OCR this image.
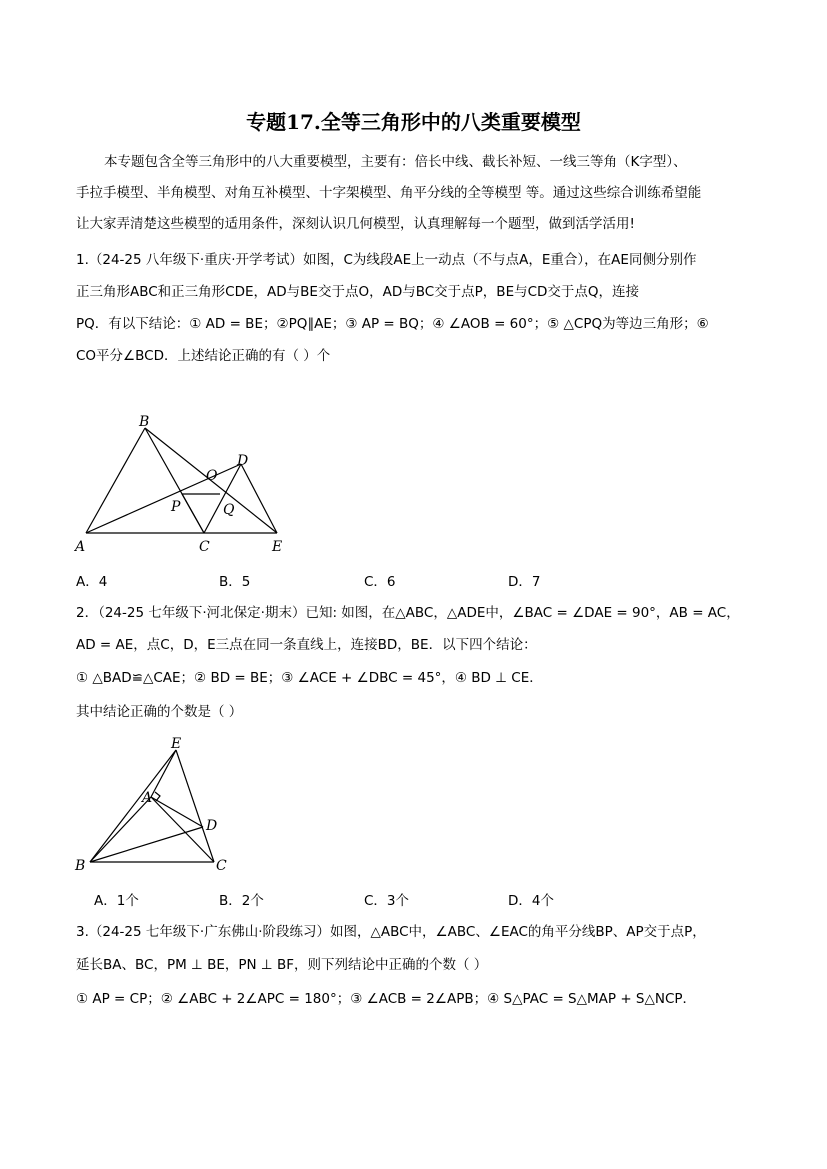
专题17.全等三角形中的八类重要模型
本专题包含全等三角形中的八大重要模型，主要有：倍长中线、截长补短、一线三等角（K字型）、
手拉手模型、半角模型、对角互补模型、十字架模型、角平分线的全等模型 等。通过这些综合训练希望能
让大家弄清楚这些模型的适用条件，深刻认识几何模型，认真理解每一个题型，做到活学活用!
1.（24-25 八年级下·重庆·开学考试）如图，C为线段AE上一动点（不与点A，E重合），在AE同侧分别作
正三角形ABC和正三角形CDE，AD与BE交于点O，AD与BC交于点P，BE与CD交于点Q，连接
PQ．有以下结论：① AD = BE；②PQ∥AE；③ AP = BQ；④ ∠AOB = 60°；⑤ △CPQ为等边三角形；⑥
CO平分∠BCD．上述结论正确的有（ ）个
B
O
D
P	Q
A	C	E
A．4	B．5	C．6	D．7
2．（24-25 七年级下·河北保定·期末）已知: 如图，在△ABC，△ADE中，∠BAC = ∠DAE = 90°，AB = AC，
AD = AE，点C，D，E三点在同一条直线上，连接BD，BE．以下四个结论：
① △BAD≌△CAE；② BD = BE；③ ∠ACE + ∠DBC = 45°，④ BD ⊥ CE．
其中结论正确的个数是（ ）
E
A
D
B	C
A．1个	B．2个	C．3个	D．4个
3.（24-25 七年级下·广东佛山·阶段练习）如图，△ABC中，∠ABC、∠EAC的角平分线BP、AP交于点P，
延长BA、BC，PM ⊥ BE，PN ⊥ BF，则下列结论中正确的个数（ ）
① AP = CP；② ∠ABC + 2∠APC = 180°；③ ∠ACB = 2∠APB；④ S△PAC = S△MAP + S△NCP．
